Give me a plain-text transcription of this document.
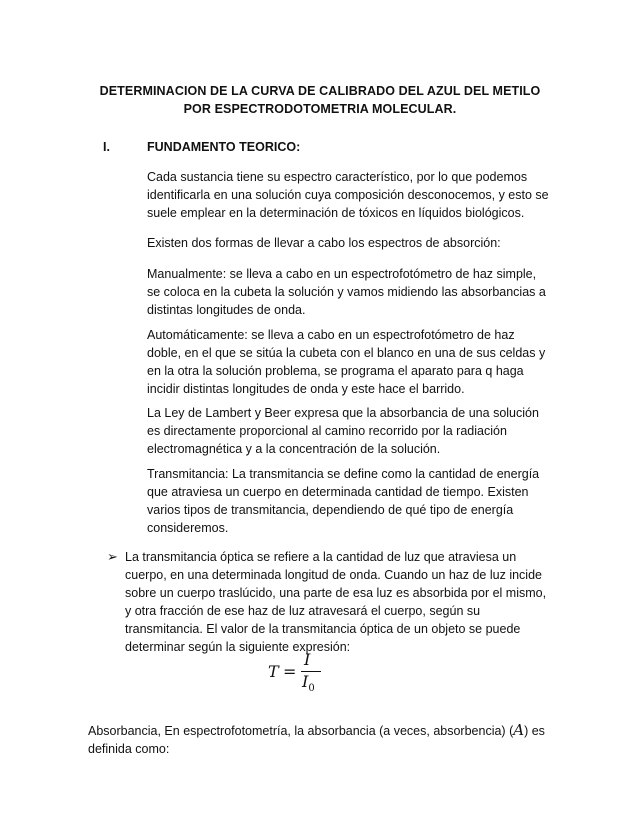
DETERMINACION DE LA CURVA DE CALIBRADO DEL AZUL DEL METILO
POR ESPECTRODOTOMETRIA MOLECULAR.
I.	FUNDAMENTO TEORICO:
Cada sustancia tiene su espectro característico, por lo que podemos
identificarla en una solución cuya composición desconocemos, y esto se
suele emplear en la determinación de tóxicos en líquidos biológicos.
Existen dos formas de llevar a cabo los espectros de absorción:
Manualmente: se lleva a cabo en un espectrofotómetro de haz simple,
se coloca en la cubeta la solución y vamos midiendo las absorbancias a
distintas longitudes de onda.
Automáticamente: se lleva a cabo en un espectrofotómetro de haz
doble, en el que se sitúa la cubeta con el blanco en una de sus celdas y
en la otra la solución problema, se programa el aparato para q haga
incidir distintas longitudes de onda y este hace el barrido.
La Ley de Lambert y Beer expresa que la absorbancia de una solución
es directamente proporcional al camino recorrido por la radiación
electromagnética y a la concentración de la solución.
Transmitancia: La transmitancia se define como la cantidad de energía
que atraviesa un cuerpo en determinada cantidad de tiempo. Existen
varios tipos de transmitancia, dependiendo de qué tipo de energía
consideremos.
➢ La transmitancia óptica se refiere a la cantidad de luz que atraviesa un
cuerpo, en una determinada longitud de onda. Cuando un haz de luz incide
sobre un cuerpo traslúcido, una parte de esa luz es absorbida por el mismo,
y otra fracción de ese haz de luz atravesará el cuerpo, según su
transmitancia. El valor de la transmitancia óptica de un objeto se puede
determinar según la siguiente expresión:
T =
I
$I_0$
Absorbancia, En espectrofotometría, la absorbancia (a veces, absorbencia) (A) es
definida como:
